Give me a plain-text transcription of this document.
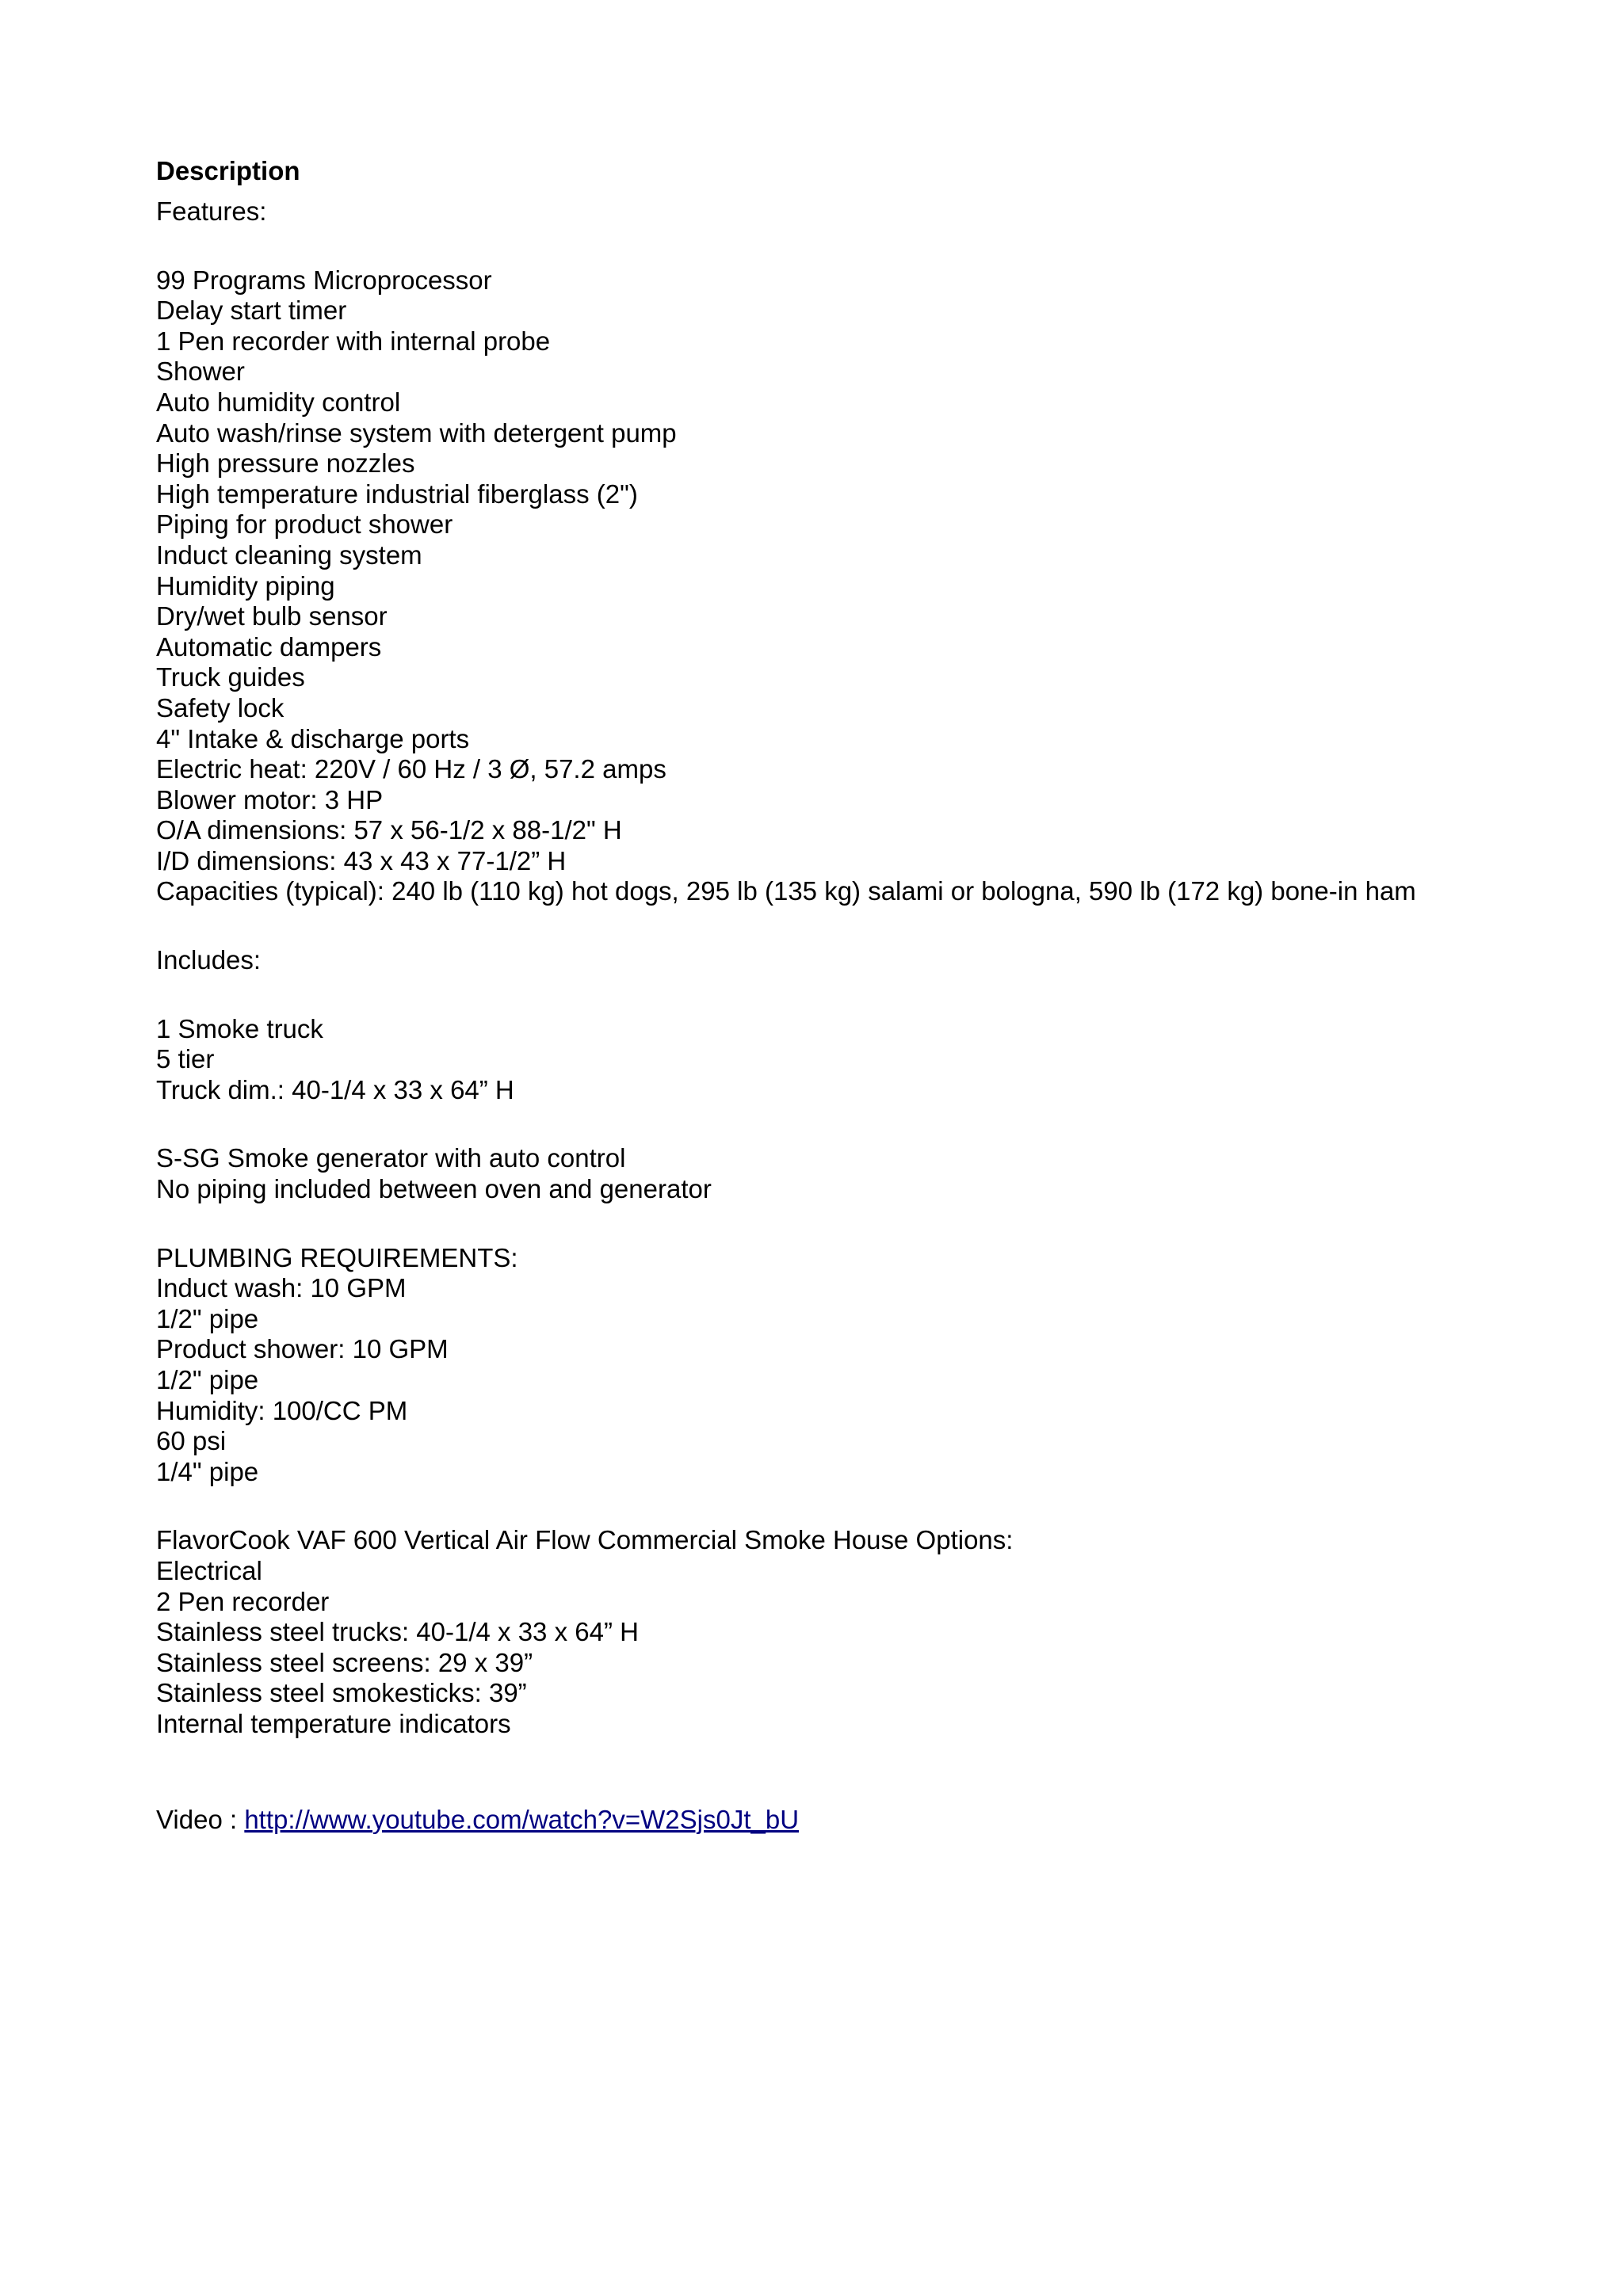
Description
Features:
99 Programs Microprocessor
Delay start timer
1 Pen recorder with internal probe
Shower
Auto humidity control
Auto wash/rinse system with detergent pump
High pressure nozzles
High temperature industrial fiberglass (2")
Piping for product shower
Induct cleaning system
Humidity piping
Dry/wet bulb sensor
Automatic dampers
Truck guides
Safety lock
4" Intake & discharge ports
Electric heat: 220V / 60 Hz / 3 Ø, 57.2 amps
Blower motor: 3 HP
O/A dimensions: 57 x 56-1/2 x 88-1/2" H
I/D dimensions: 43 x 43 x 77-1/2” H
Capacities (typical): 240 lb (110 kg) hot dogs, 295 lb (135 kg) salami or bologna, 590 lb (172 kg) bone-in ham
Includes:
1 Smoke truck
5 tier
Truck dim.: 40-1/4 x 33 x 64” H
S-SG Smoke generator with auto control
No piping included between oven and generator
PLUMBING REQUIREMENTS:
Induct wash: 10 GPM
1/2" pipe
Product shower: 10 GPM
1/2" pipe
Humidity: 100/CC PM
60 psi
1/4" pipe
FlavorCook VAF 600 Vertical Air Flow Commercial Smoke House Options:
Electrical
2 Pen recorder
Stainless steel trucks: 40-1/4 x 33 x 64” H
Stainless steel screens: 29 x 39”
Stainless steel smokesticks: 39”
Internal temperature indicators
Video : http://www.youtube.com/watch?v=W2Sjs0Jt_bU
